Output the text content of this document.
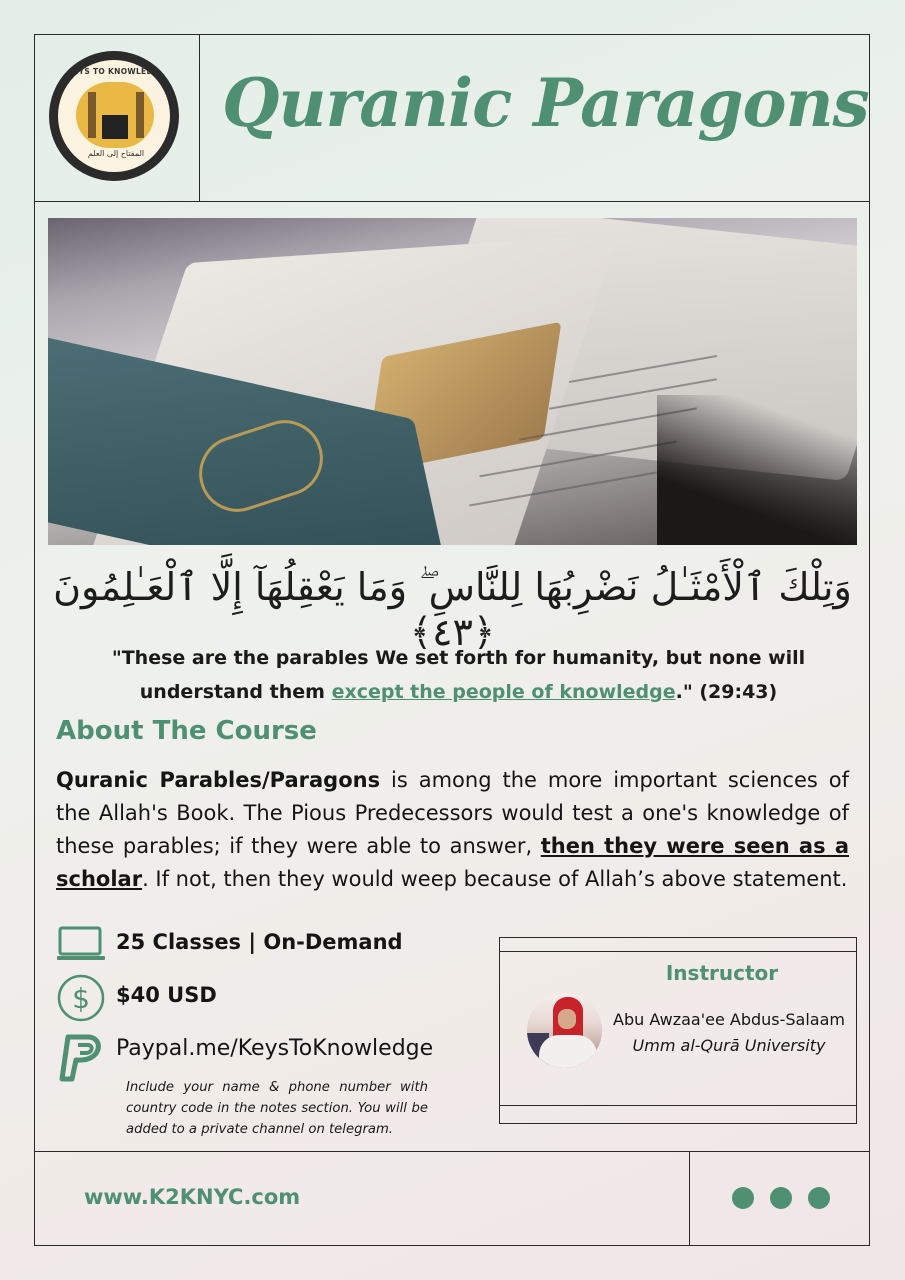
KEYS TO KNOWLEDGE
المفتاح إلى العلم
Quranic Paragons
وَتِلْكَ ٱلْأَمْثَـٰلُ نَضْرِبُهَا لِلنَّاسِ ۖ وَمَا يَعْقِلُهَآ إِلَّا ٱلْعَـٰلِمُونَ ﴿٤٣﴾
"These are the parables We set forth for humanity, but none will understand them except the people of knowledge." (29:43)
About The Course
Quranic Parables/Paragons is among the more important sciences of the Allah's Book. The Pious Predecessors would test a one's knowledge of these parables; if they were able to answer, then they were seen as a scholar. If not, then they would weep because of Allah’s above statement.
25 Classes | On-Demand
$ $40 USD
Paypal.me/KeysToKnowledge
Include your name & phone number with country code in the notes section. You will be added to a private channel on telegram.
Instructor
Abu Awzaa'ee Abdus-Salaam
Umm al-Qurā University
www.K2KNYC.com
